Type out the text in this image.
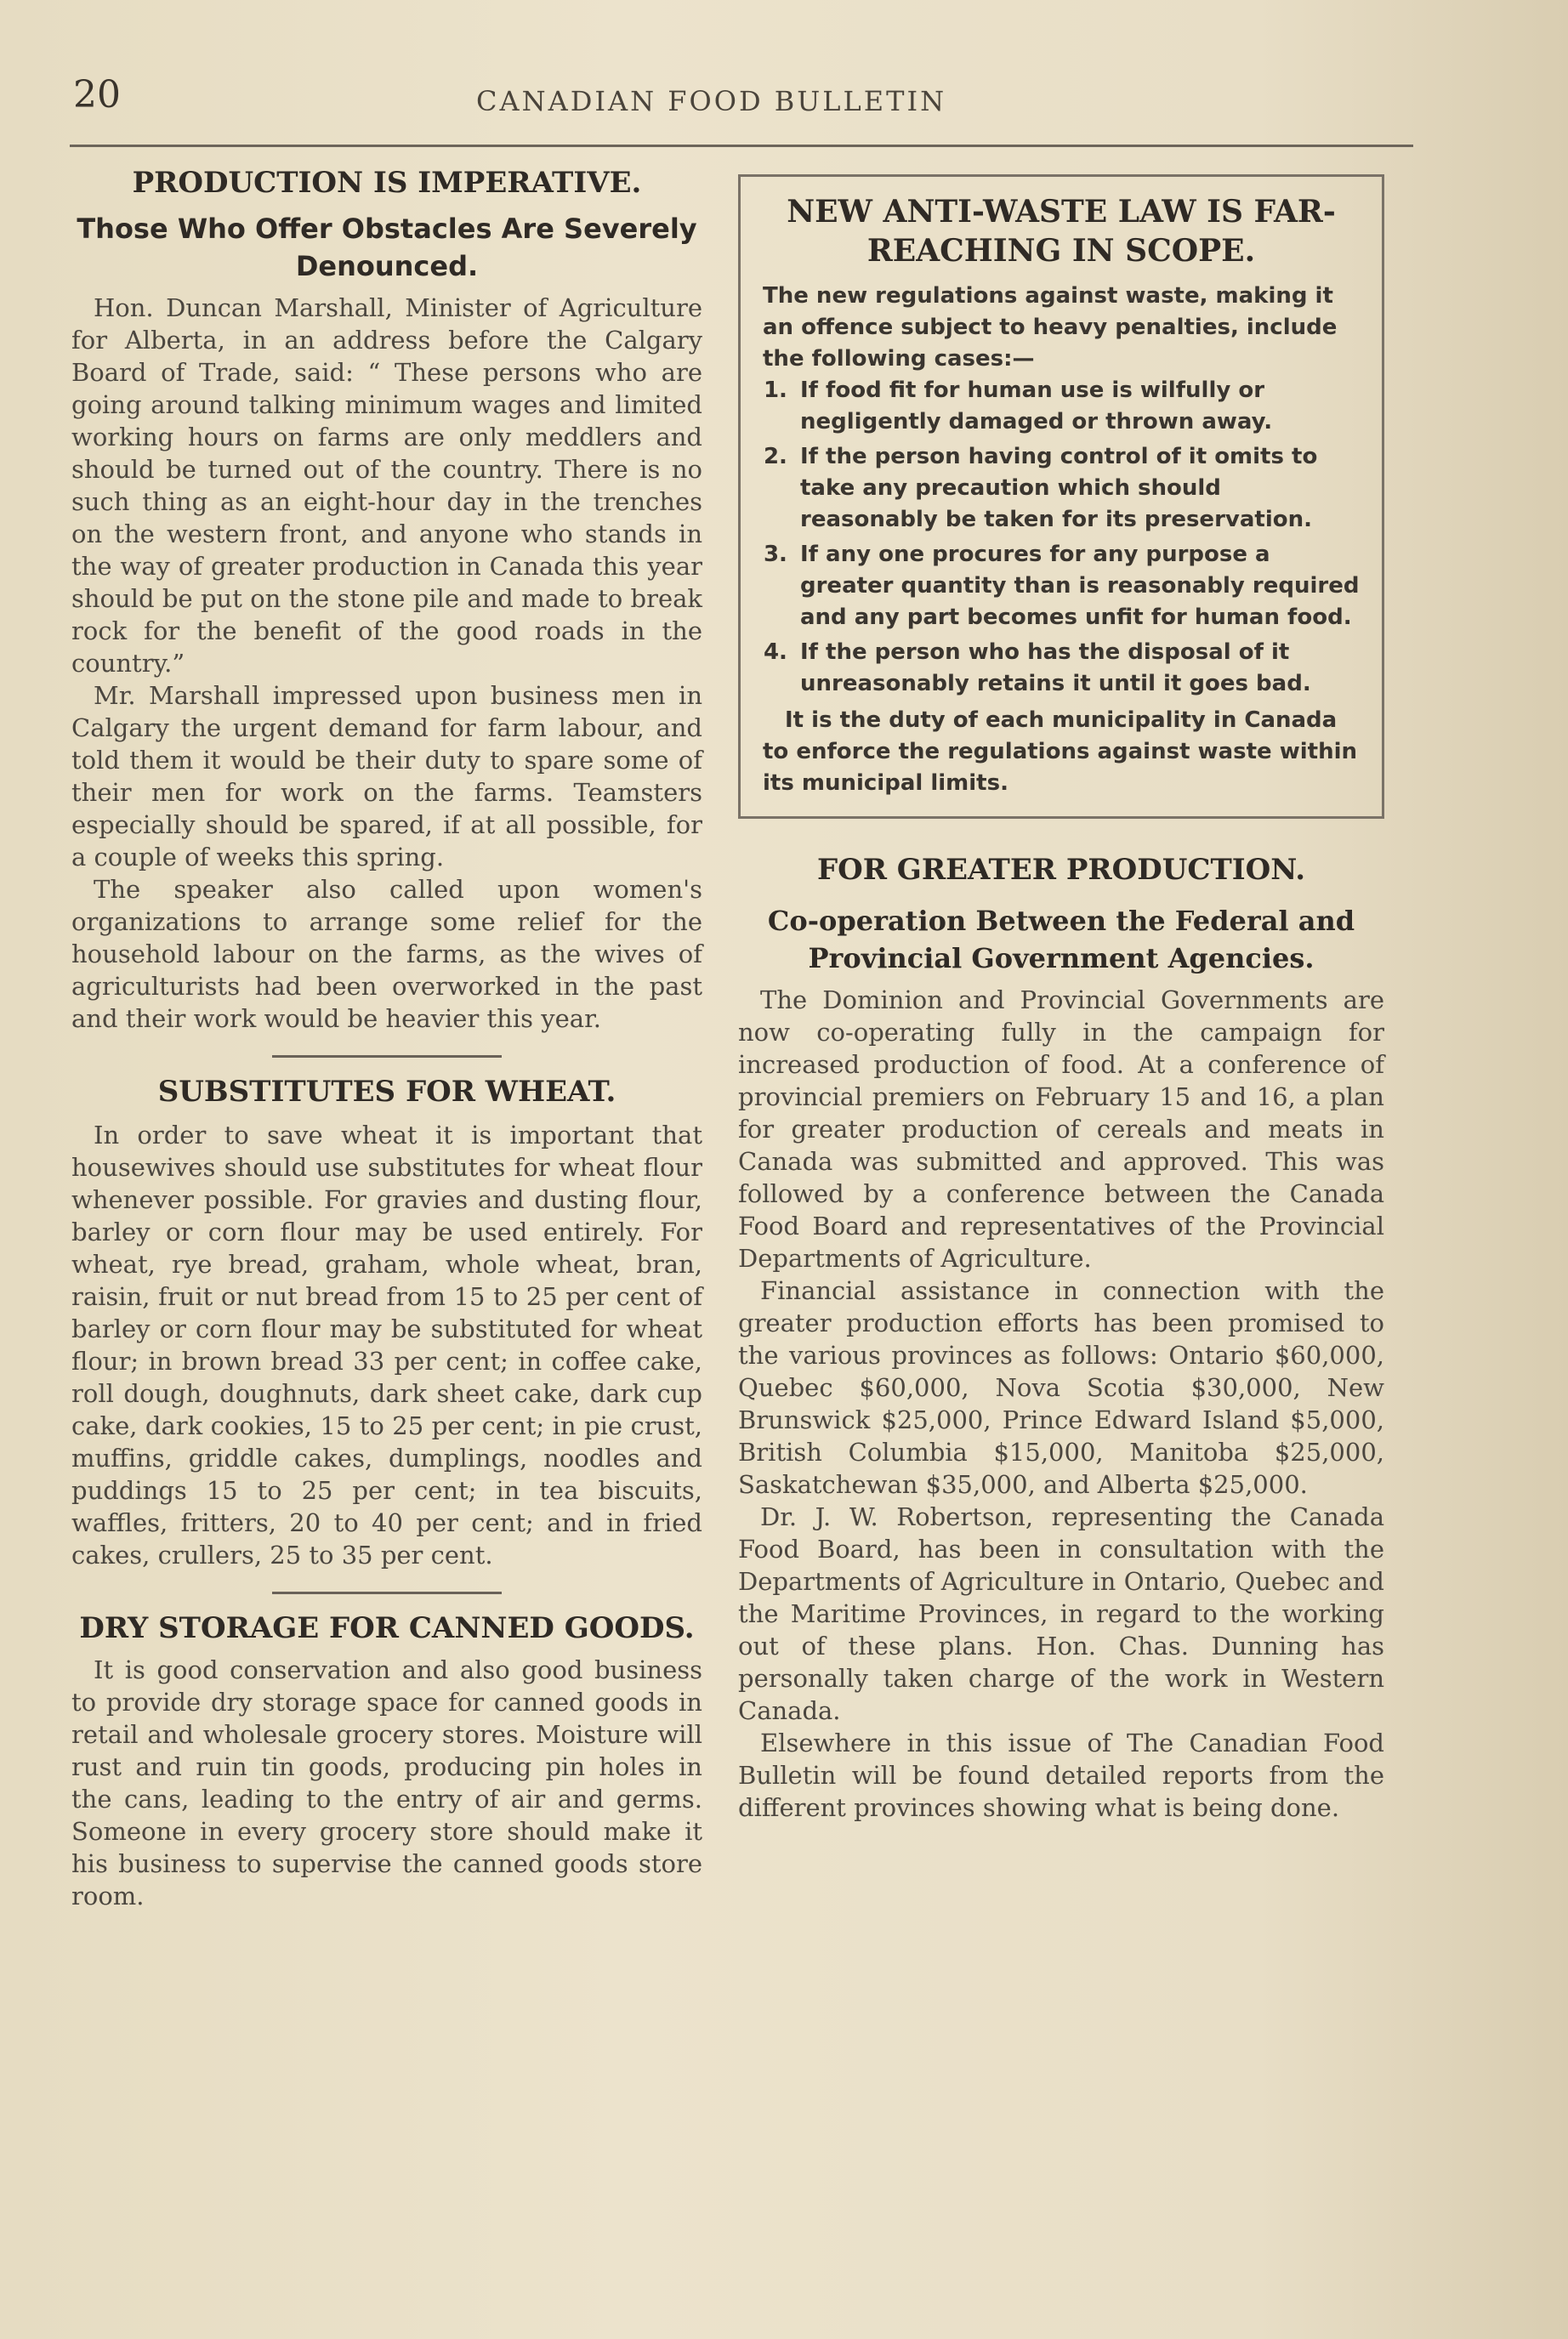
20	CANADIAN FOOD BULLETIN
PRODUCTION IS IMPERATIVE.
Those Who Offer Obstacles Are Severely Denounced.

Hon. Duncan Marshall, Minister of Agriculture for Alberta, in an address before the Calgary Board of Trade, said: “ These persons who are going around talking minimum wages and limited working hours on farms are only meddlers and should be turned out of the country. There is no such thing as an eight-hour day in the trenches on the western front, and anyone who stands in the way of greater production in Canada this year should be put on the stone pile and made to break rock for the benefit of the good roads in the country.”

Mr. Marshall impressed upon business men in Calgary the urgent demand for farm labour, and told them it would be their duty to spare some of their men for work on the farms. Teamsters especially should be spared, if at all possible, for a couple of weeks this spring.

The speaker also called upon women's organizations to arrange some relief for the household labour on the farms, as the wives of agriculturists had been overworked in the past and their work would be heavier this year.

SUBSTITUTES FOR WHEAT.

In order to save wheat it is important that housewives should use substitutes for wheat flour whenever possible. For gravies and dusting flour, barley or corn flour may be used entirely. For wheat, rye bread, graham, whole wheat, bran, raisin, fruit or nut bread from 15 to 25 per cent of barley or corn flour may be substituted for wheat flour; in brown bread 33 per cent; in coffee cake, roll dough, doughnuts, dark sheet cake, dark cup cake, dark cookies, 15 to 25 per cent; in pie crust, muffins, griddle cakes, dumplings, noodles and puddings 15 to 25 per cent; in tea biscuits, waffles, fritters, 20 to 40 per cent; and in fried cakes, crullers, 25 to 35 per cent.

DRY STORAGE FOR CANNED GOODS.

It is good conservation and also good business to provide dry storage space for canned goods in retail and wholesale grocery stores. Moisture will rust and ruin tin goods, producing pin holes in the cans, leading to the entry of air and germs. Someone in every grocery store should make it his business to supervise the canned goods store room.

NEW ANTI-WASTE LAW IS FAR-REACHING IN SCOPE.
The new regulations against waste, making it an offence subject to heavy penalties, include the following cases:—
1. If food fit for human use is wilfully or negligently damaged or thrown away.
2. If the person having control of it omits to take any precaution which should reasonably be taken for its preservation.
3. If any one procures for any purpose a greater quantity than is reasonably required and any part becomes unfit for human food.
4. If the person who has the disposal of it unreasonably retains it until it goes bad.
It is the duty of each municipality in Canada to enforce the regulations against waste within its municipal limits.
FOR GREATER PRODUCTION.
Co-operation Between the Federal and Provincial Government Agencies.

The Dominion and Provincial Governments are now co-operating fully in the campaign for increased production of food. At a conference of provincial premiers on February 15 and 16, a plan for greater production of cereals and meats in Canada was submitted and approved. This was followed by a conference between the Canada Food Board and representatives of the Provincial Departments of Agriculture.

Financial assistance in connection with the greater production efforts has been promised to the various provinces as follows: Ontario $60,000, Quebec $60,000, Nova Scotia $30,000, New Brunswick $25,000, Prince Edward Island $5,000, British Columbia $15,000, Manitoba $25,000, Saskatchewan $35,000, and Alberta $25,000.

Dr. J. W. Robertson, representing the Canada Food Board, has been in consultation with the Departments of Agriculture in Ontario, Quebec and the Maritime Provinces, in regard to the working out of these plans. Hon. Chas. Dunning has personally taken charge of the work in Western Canada.

Elsewhere in this issue of The Canadian Food Bulletin will be found detailed reports from the different provinces showing what is being done.
